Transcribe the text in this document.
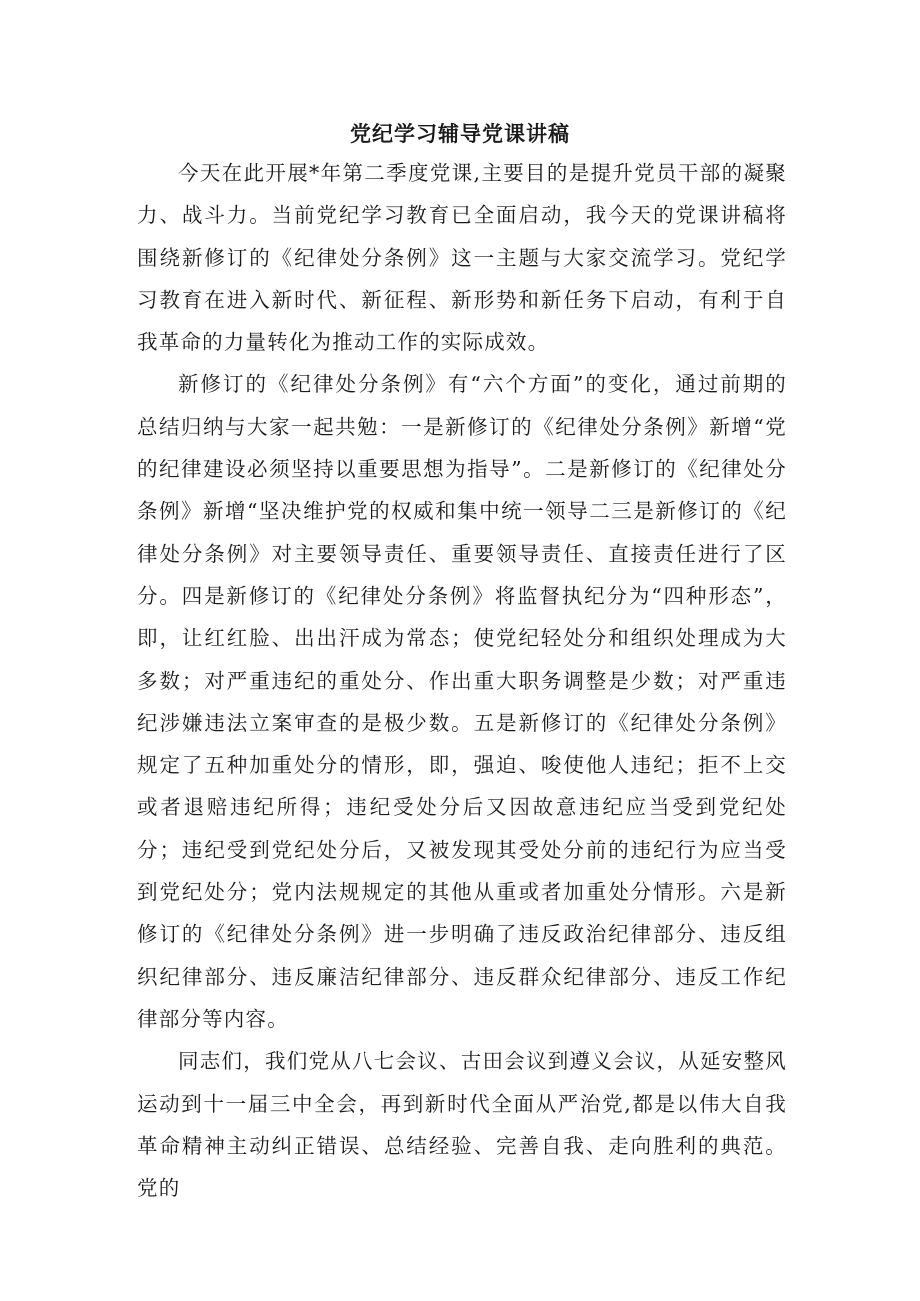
党纪学习辅导党课讲稿

今天在此开展*年第二季度党课,主要目的是提升党员干部的凝聚力、战斗力。当前党纪学习教育已全面启动，我今天的党课讲稿将围绕新修订的《纪律处分条例》这一主题与大家交流学习。党纪学习教育在进入新时代、新征程、新形势和新任务下启动，有利于自我革命的力量转化为推动工作的实际成效。

新修订的《纪律处分条例》有“六个方面”的变化，通过前期的总结归纳与大家一起共勉：一是新修订的《纪律处分条例》新增“党的纪律建设必须坚持以重要思想为指导”。二是新修订的《纪律处分条例》新增“坚决维护党的权威和集中统一领导二三是新修订的《纪律处分条例》对主要领导责任、重要领导责任、直接责任进行了区分。四是新修订的《纪律处分条例》将监督执纪分为“四种形态”，即，让红红脸、出出汗成为常态；使党纪轻处分和组织处理成为大多数；对严重违纪的重处分、作出重大职务调整是少数；对严重违纪涉嫌违法立案审查的是极少数。五是新修订的《纪律处分条例》规定了五种加重处分的情形，即，强迫、唆使他人违纪；拒不上交或者退赔违纪所得；违纪受处分后又因故意违纪应当受到党纪处分；违纪受到党纪处分后，又被发现其受处分前的违纪行为应当受到党纪处分；党内法规规定的其他从重或者加重处分情形。六是新修订的《纪律处分条例》进一步明确了违反政治纪律部分、违反组织纪律部分、违反廉洁纪律部分、违反群众纪律部分、违反工作纪律部分等内容。

同志们，我们党从八七会议、古田会议到遵义会议，从延安整风运动到十一届三中全会，再到新时代全面从严治党,都是以伟大自我革命精神主动纠正错误、总结经验、完善自我、走向胜利的典范。党的
